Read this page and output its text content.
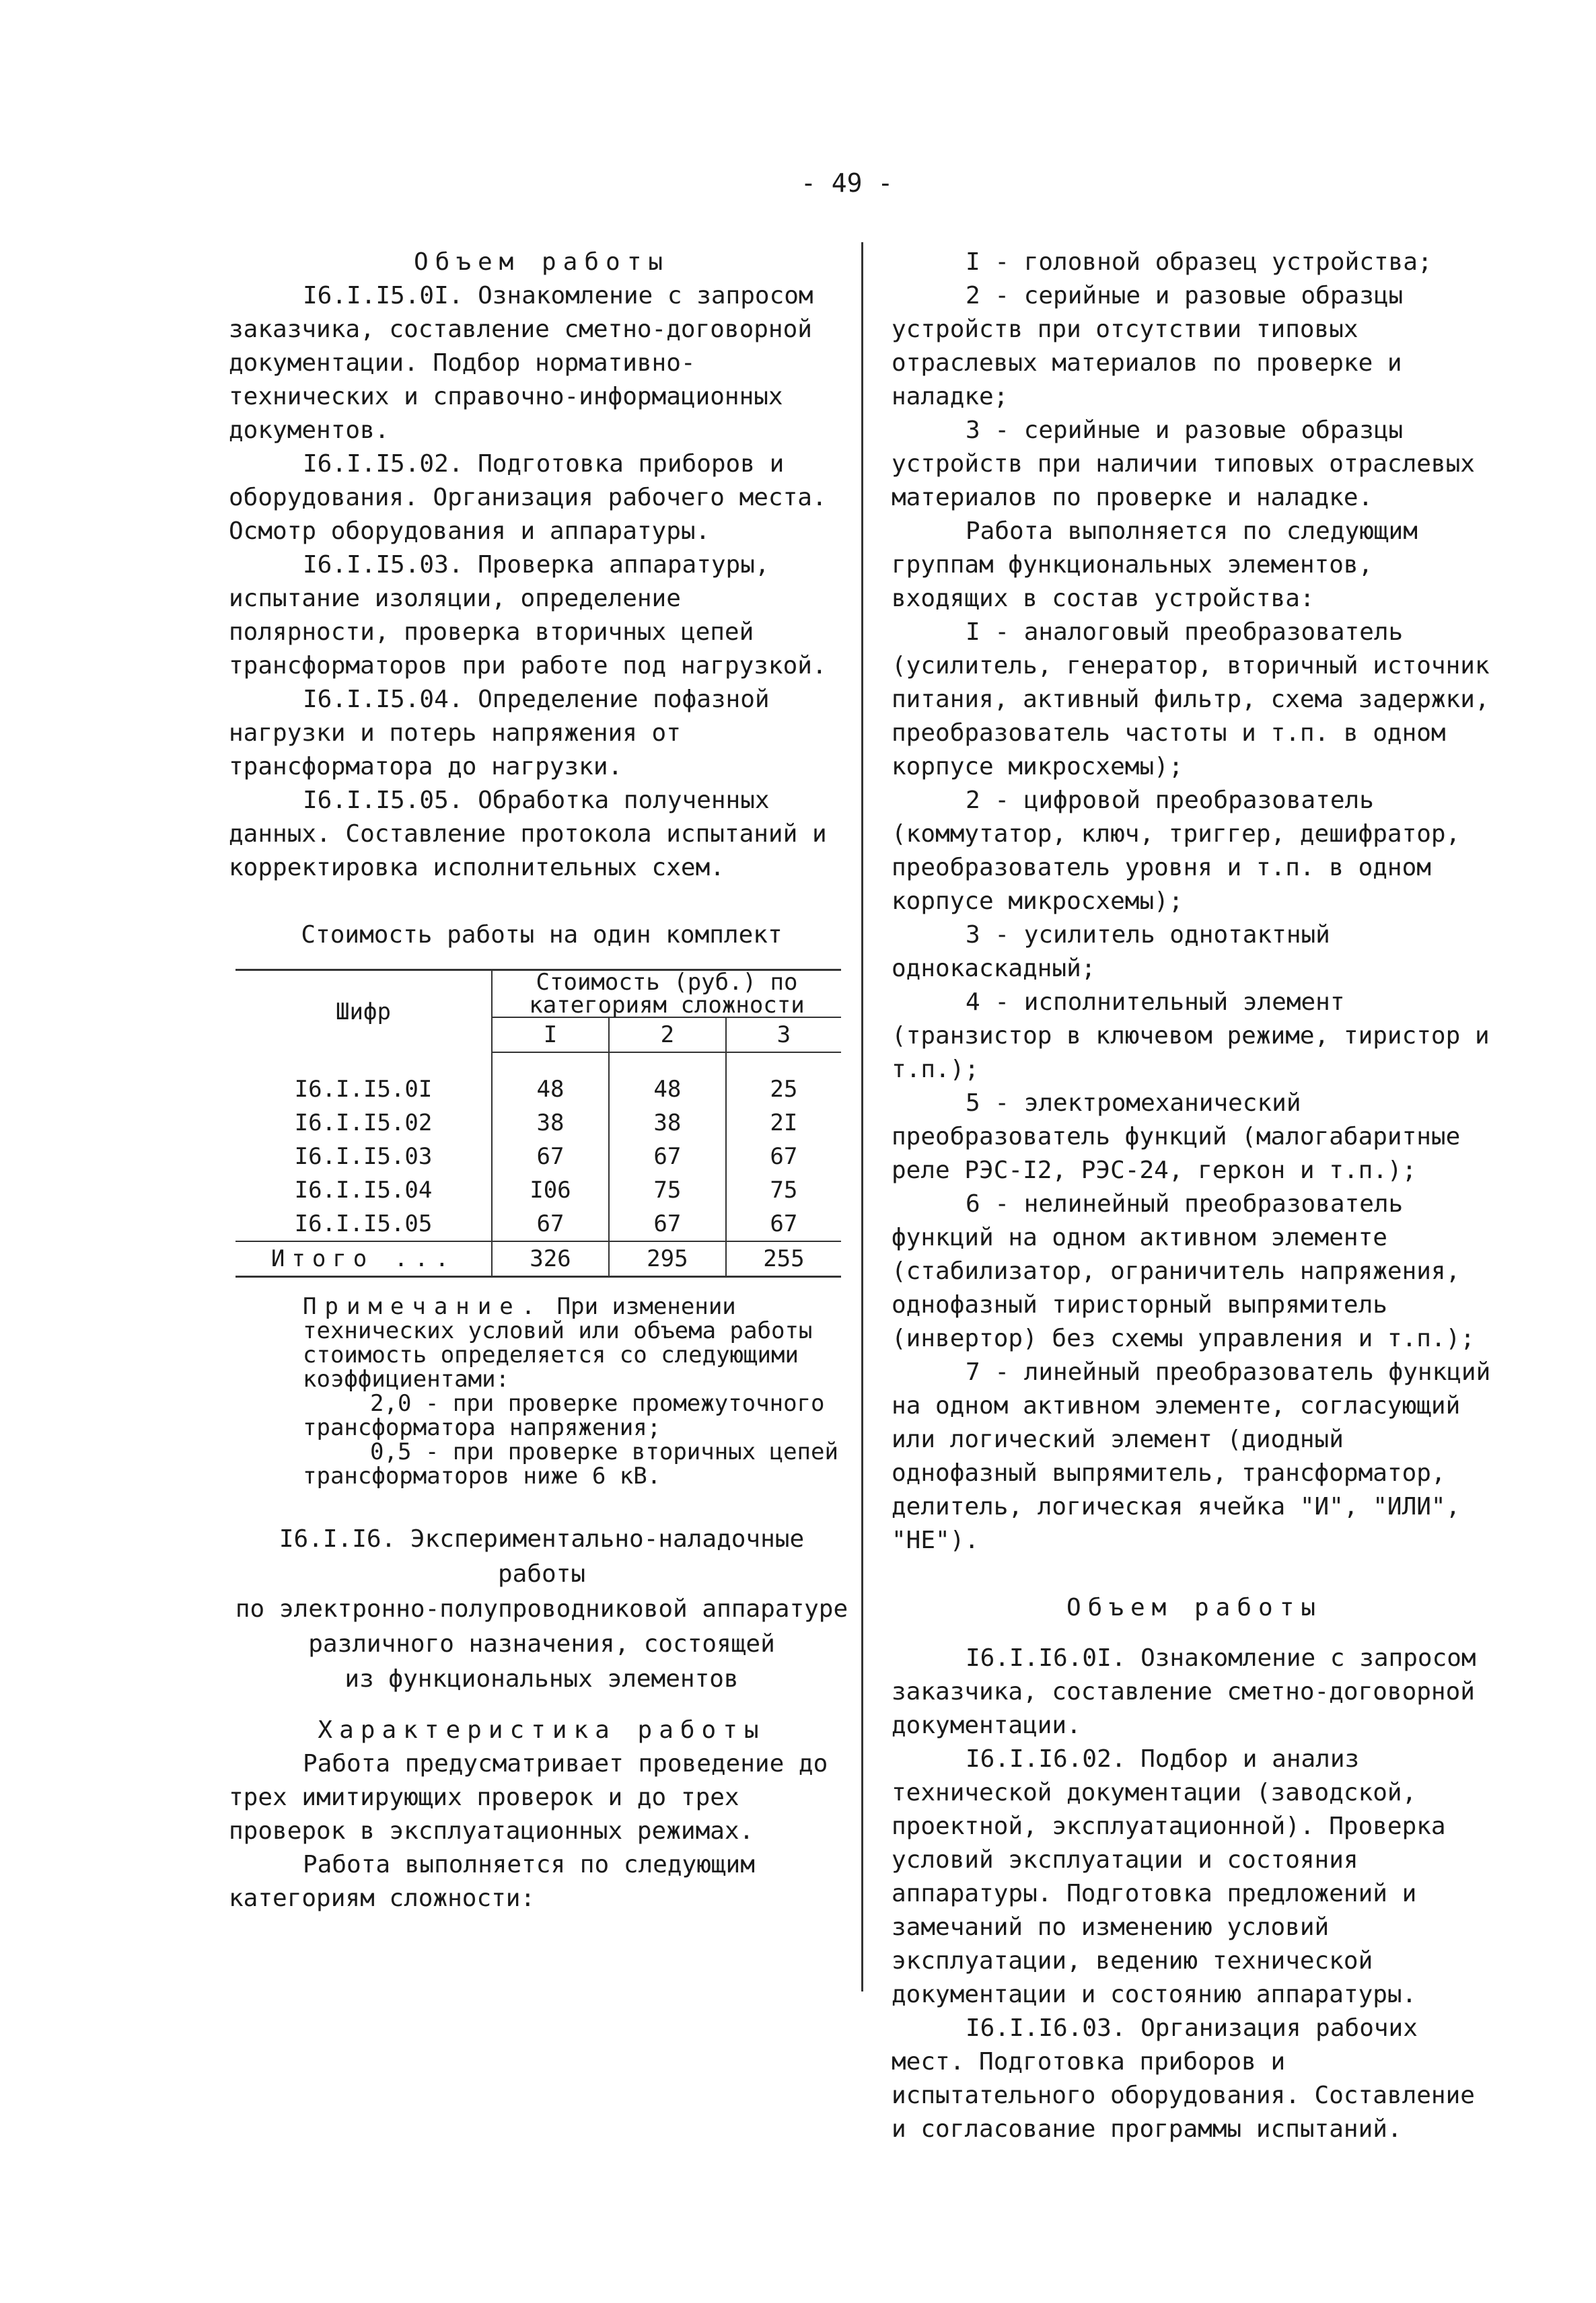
- 49 -
Объем работы

I6.I.I5.0I. Ознакомление с запросом заказчика, составление сметно-договорной документации. Подбор нормативно-технических и справочно-информационных документов.

I6.I.I5.02. Подготовка приборов и оборудования. Организация рабочего места. Осмотр оборудования и аппаратуры.

I6.I.I5.03. Проверка аппаратуры, испытание изоляции, определение полярности, проверка вторичных цепей трансформаторов при работе под нагрузкой.

I6.I.I5.04. Определение пофазной нагрузки и потерь напряжения от трансформатора до нагрузки.

I6.I.I5.05. Обработка полученных данных. Составление протокола испытаний и корректировка исполнительных схем.

Стоимость работы на один комплект
Шифр	Стоимость (руб.) по категориям сложности		
	I	2	3

I6.I.I5.0I	48	48	25
I6.I.I5.02	38	38	2I
I6.I.I5.03	67	67	67
I6.I.I5.04	I06	75	75
I6.I.I5.05	67	67	67
Итого ...	326	295	255
Примечание. При изменении технических условий или объема работы стоимость определяется со следующими коэффициентами:
2,0 - при проверке промежуточного трансформатора напряжения;
0,5 - при проверке вторичных цепей трансформаторов ниже 6 кВ.
I6.I.I6. Экспериментально-наладочные работы
по электронно-полупроводниковой аппаратуре
различного назначения, состоящей
из функциональных элементов
Характеристика работы

Работа предусматривает проведение до трех имитирующих проверок и до трех проверок в эксплуатационных режимах.

Работа выполняется по следующим категориям сложности:

I - головной образец устройства;

2 - серийные и разовые образцы устройств при отсутствии типовых отраслевых материалов по проверке и наладке;

3 - серийные и разовые образцы устройств при наличии типовых отраслевых материалов по проверке и наладке.

Работа выполняется по следующим группам функциональных элементов, входящих в состав устройства:

I - аналоговый преобразователь (усилитель, генератор, вторичный источник питания, активный фильтр, схема задержки, преобразователь частоты и т.п. в одном корпусе микросхемы);

2 - цифровой преобразователь (коммутатор, ключ, триггер, дешифратор, преобразователь уровня и т.п. в одном корпусе микросхемы);

3 - усилитель однотактный однокаскадный;

4 - исполнительный элемент (транзистор в ключевом режиме, тиристор и т.п.);

5 - электромеханический преобразователь функций (малогабаритные реле РЭС-I2, РЭС-24, геркон и т.п.);

6 - нелинейный преобразователь функций на одном активном элементе (стабилизатор, ограничитель напряжения, однофазный тиристорный выпрямитель (инвертор) без схемы управления и т.п.);

7 - линейный преобразователь функций на одном активном элементе, согласующий или логический элемент (диодный однофазный выпрямитель, трансформатор, делитель, логическая ячейка "И", "ИЛИ", "НЕ").

Объем работы

I6.I.I6.0I. Ознакомление с запросом заказчика, составление сметно-договорной документации.

I6.I.I6.02. Подбор и анализ технической документации (заводской, проектной, эксплуатационной). Проверка условий эксплуатации и состояния аппаратуры. Подготовка предложений и замечаний по изменению условий эксплуатации, ведению технической документации и состоянию аппаратуры.

I6.I.I6.03. Организация рабочих мест. Подготовка приборов и испытательного оборудования. Составление и согласование программы испытаний.
